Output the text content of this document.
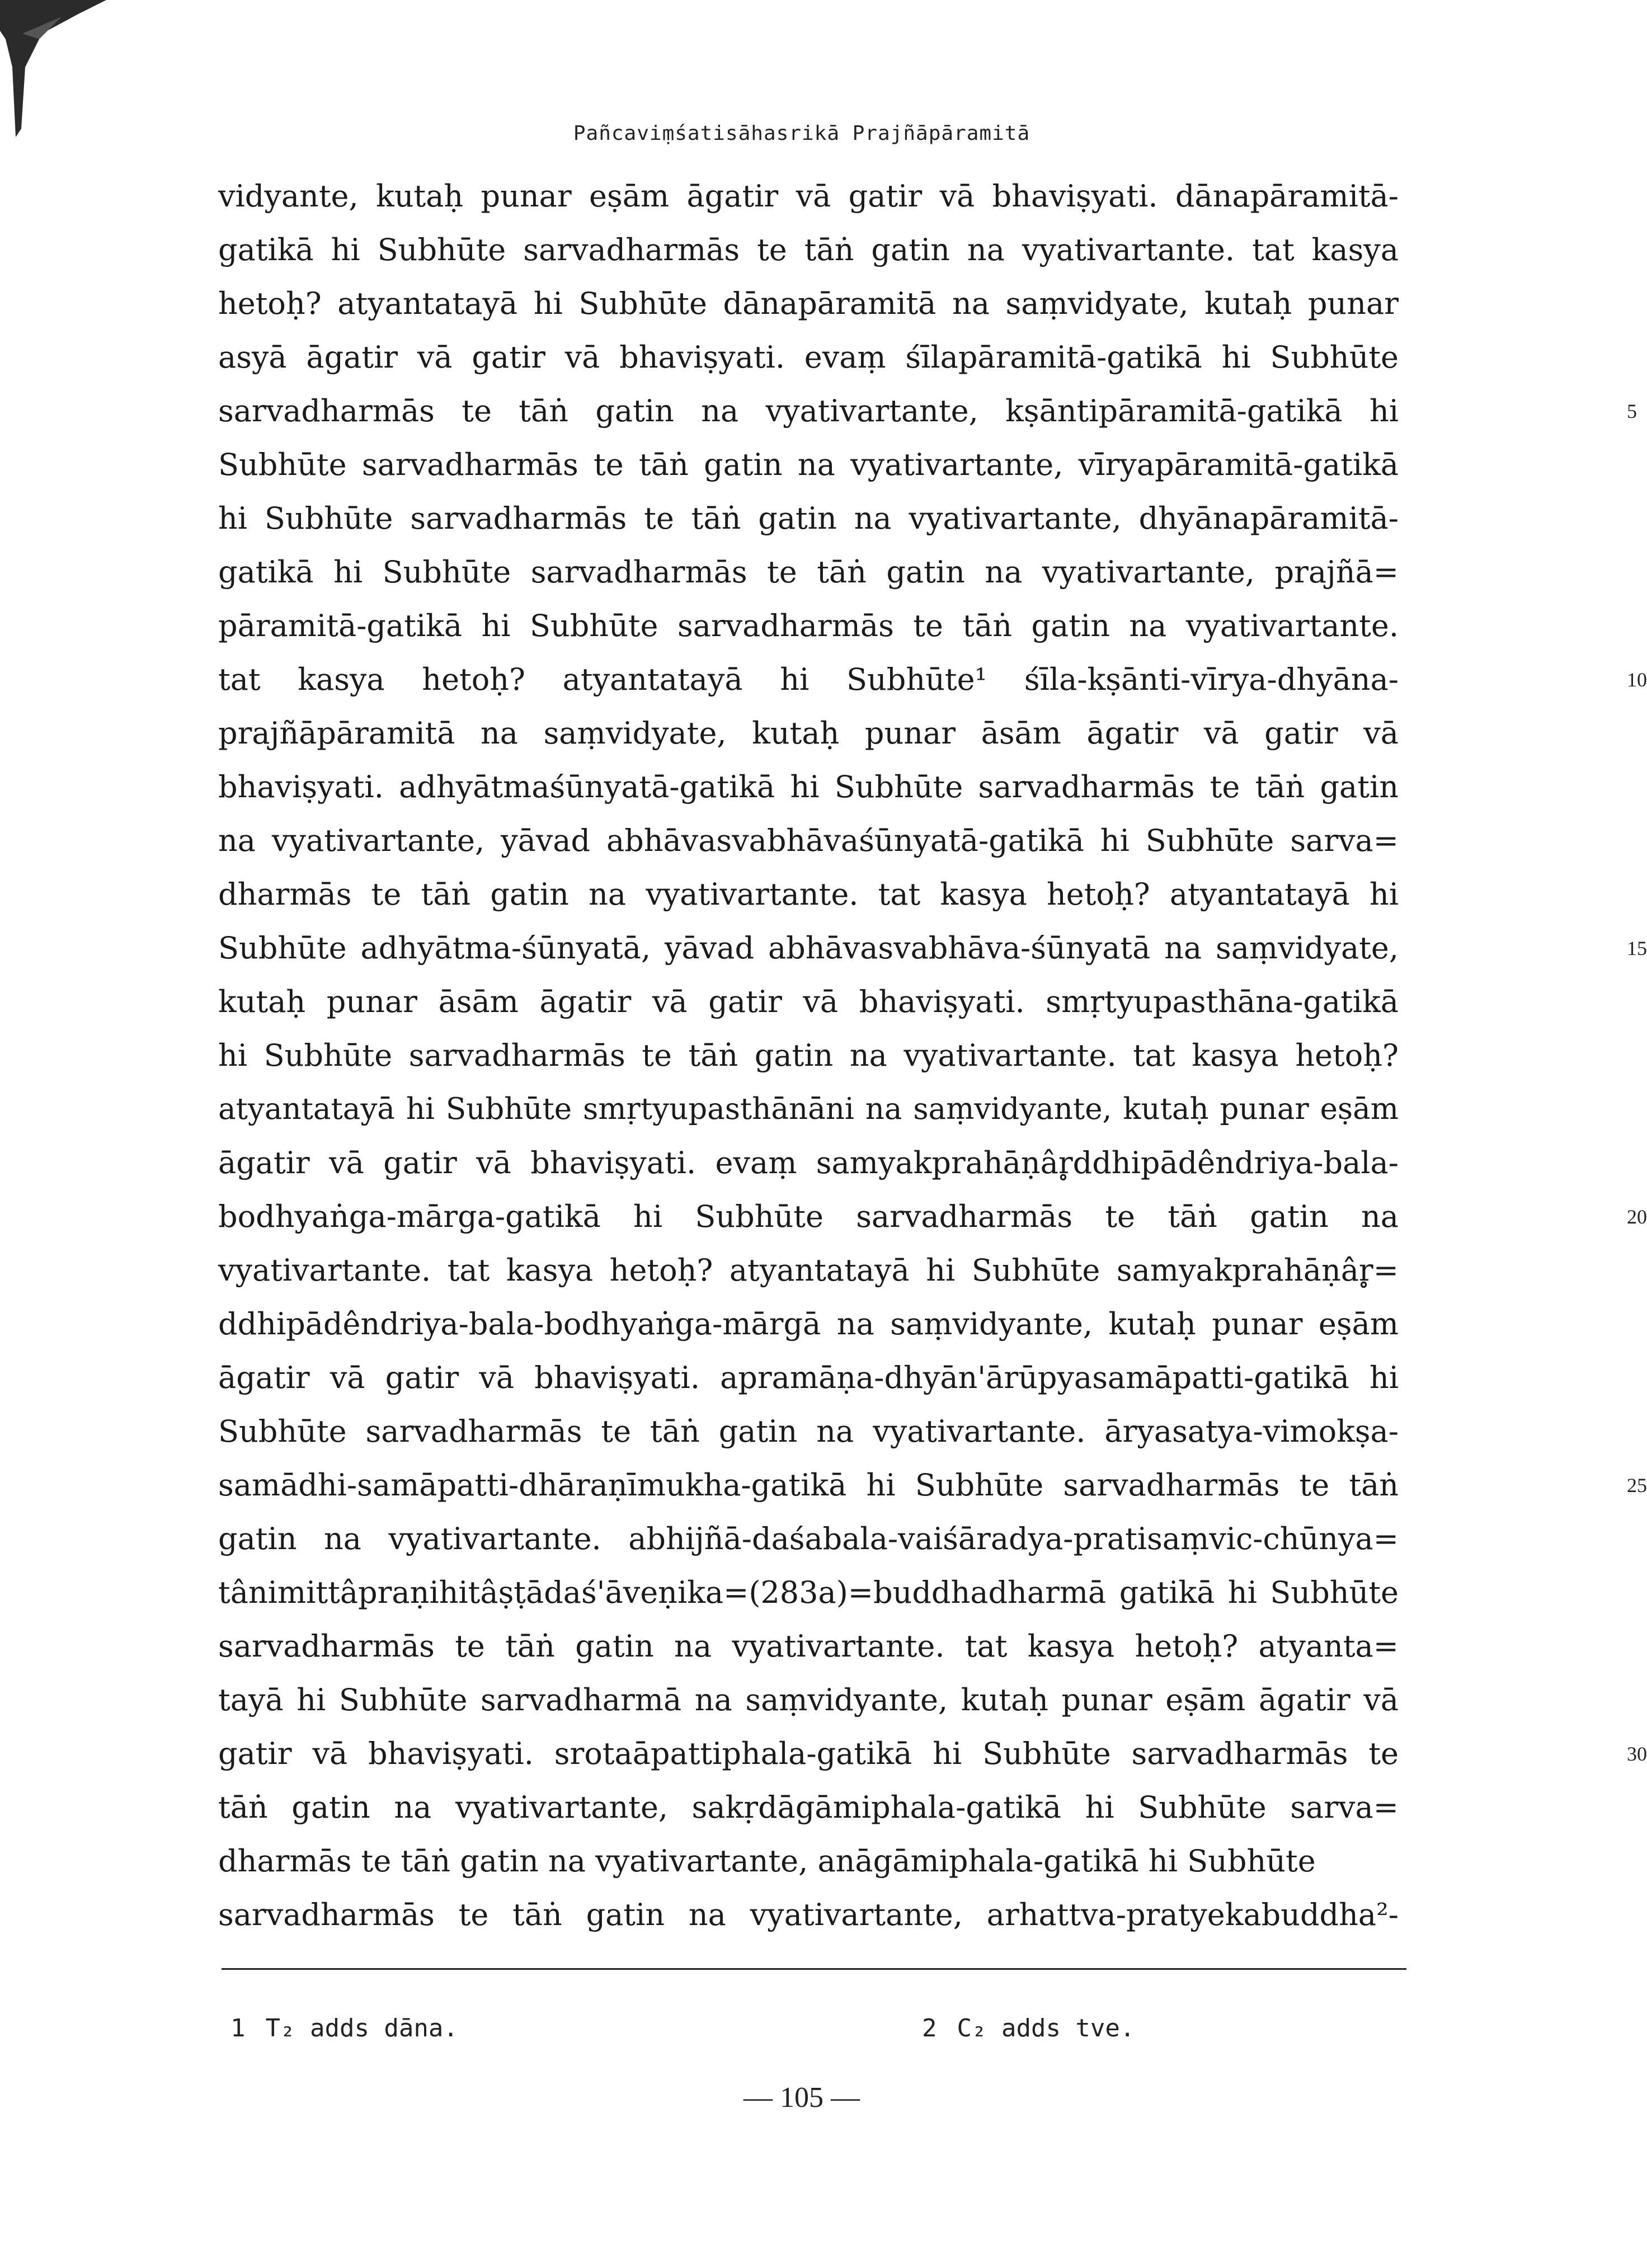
Pañcaviṃśatisāhasrikā Prajñāpāramitā
vidyante, kutaḥ punar eṣām āgatir vā gatir vā bhaviṣyati. dānapāramitā-
gatikā hi Subhūte sarvadharmās te tāṅ gatin na vyativartante. tat kasya
hetoḥ? atyantatayā hi Subhūte dānapāramitā na saṃvidyate, kutaḥ punar
asyā āgatir vā gatir vā bhaviṣyati. evaṃ śīlapāramitā-gatikā hi Subhūte
sarvadharmās te tāṅ gatin na vyativartante, kṣāntipāramitā-gatikā hi
Subhūte sarvadharmās te tāṅ gatin na vyativartante, vīryapāramitā-gatikā
hi Subhūte sarvadharmās te tāṅ gatin na vyativartante, dhyānapāramitā-
gatikā hi Subhūte sarvadharmās te tāṅ gatin na vyativartante, prajñā=
pāramitā-gatikā hi Subhūte sarvadharmās te tāṅ gatin na vyativartante.
tat kasya hetoḥ? atyantatayā hi Subhūte¹ śīla-kṣānti-vīrya-dhyāna-
prajñāpāramitā na saṃvidyate, kutaḥ punar āsām āgatir vā gatir vā
bhaviṣyati. adhyātmaśūnyatā-gatikā hi Subhūte sarvadharmās te tāṅ gatin
na vyativartante, yāvad abhāvasvabhāvaśūnyatā-gatikā hi Subhūte sarva=
dharmās te tāṅ gatin na vyativartante. tat kasya hetoḥ? atyantatayā hi
Subhūte adhyātma-śūnyatā, yāvad abhāvasvabhāva-śūnyatā na saṃvidyate,
kutaḥ punar āsām āgatir vā gatir vā bhaviṣyati. smṛtyupasthāna-gatikā
hi Subhūte sarvadharmās te tāṅ gatin na vyativartante. tat kasya hetoḥ?
atyantatayā hi Subhūte smṛtyupasthānāni na saṃvidyante, kutaḥ punar eṣām
āgatir vā gatir vā bhaviṣyati. evaṃ samyakprahāṇâr̥ddhipādêndriya-bala-
bodhyaṅga-mārga-gatikā hi Subhūte sarvadharmās te tāṅ gatin na
vyativartante. tat kasya hetoḥ? atyantatayā hi Subhūte samyakprahāṇâr̥=
ddhipādêndriya-bala-bodhyaṅga-mārgā na saṃvidyante, kutaḥ punar eṣām
āgatir vā gatir vā bhaviṣyati. apramāṇa-dhyān'ārūpyasamāpatti-gatikā hi
Subhūte sarvadharmās te tāṅ gatin na vyativartante. āryasatya-vimokṣa-
samādhi-samāpatti-dhāraṇīmukha-gatikā hi Subhūte sarvadharmās te tāṅ
gatin na vyativartante. abhijñā-daśabala-vaiśāradya-pratisaṃvic-chūnya=
tânimittâpraṇihitâṣṭādaś'āveṇika=(283a)=buddhadharmā gatikā hi Subhūte
sarvadharmās te tāṅ gatin na vyativartante. tat kasya hetoḥ? atyanta=
tayā hi Subhūte sarvadharmā na saṃvidyante, kutaḥ punar eṣām āgatir vā
gatir vā bhaviṣyati. srotaāpattiphala-gatikā hi Subhūte sarvadharmās te
tāṅ gatin na vyativartante, sakṛdāgāmiphala-gatikā hi Subhūte sarva=
dharmās te tāṅ gatin na vyativartante, anāgāmiphala-gatikā hi Subhūte
sarvadharmās te tāṅ gatin na vyativartante, arhattva-pratyekabuddha²-
5
10
15
20
25
30
1 T₂ adds dāna.	2 C₂ adds tve.
— 105 —
